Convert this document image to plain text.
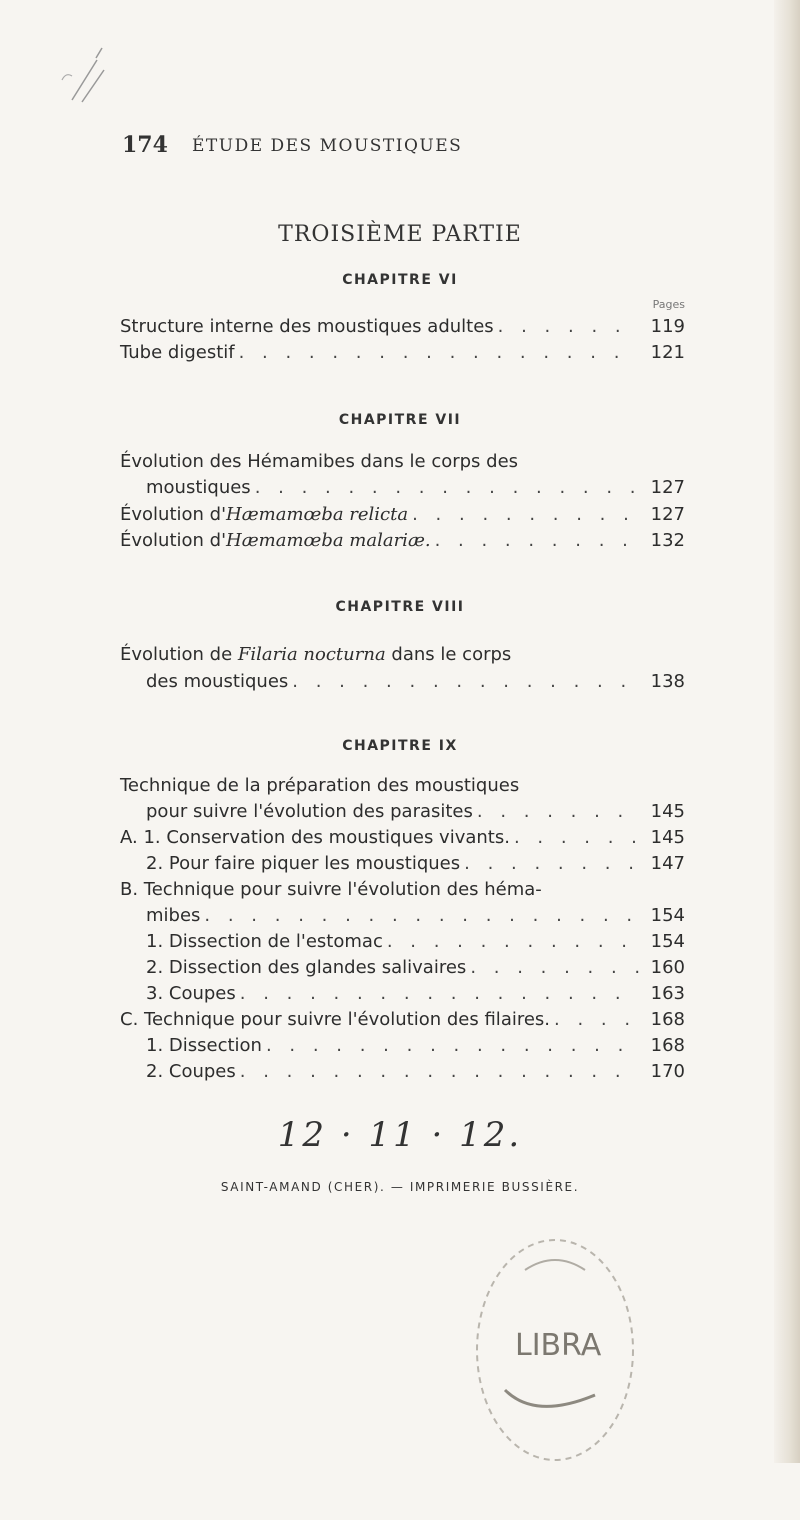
174 ÉTUDE DES MOUSTIQUES
TROISIÈME PARTIE
CHAPITRE VI
Pages
Structure interne des moustiques adultes . . .	119
Tube digestif . . .	121
CHAPITRE VII
Évolution des Hémamibes dans le corps des
moustiques . . .	127
Évolution d'Hæmamœba relicta . . .	127
Évolution d'Hæmamœba malariæ. . . .	132
CHAPITRE VIII
Évolution de Filaria nocturna dans le corps
des moustiques . . .	138
CHAPITRE IX
Technique de la préparation des moustiques
pour suivre l'évolution des parasites . . .	145
A. 1. Conservation des moustiques vivants. . . .	145
2. Pour faire piquer les moustiques . . .	147
B. Technique pour suivre l'évolution des héma-
mibes . . .	154
1. Dissection de l'estomac . . .	154
2. Dissection des glandes salivaires . . .	160
3. Coupes . . .	163
C. Technique pour suivre l'évolution des filaires. . . .	168
1. Dissection . . .	168
2. Coupes . . .	170
12 · 11 · 12.
SAINT-AMAND (CHER). — IMPRIMERIE BUSSIÈRE.
LIBRA
